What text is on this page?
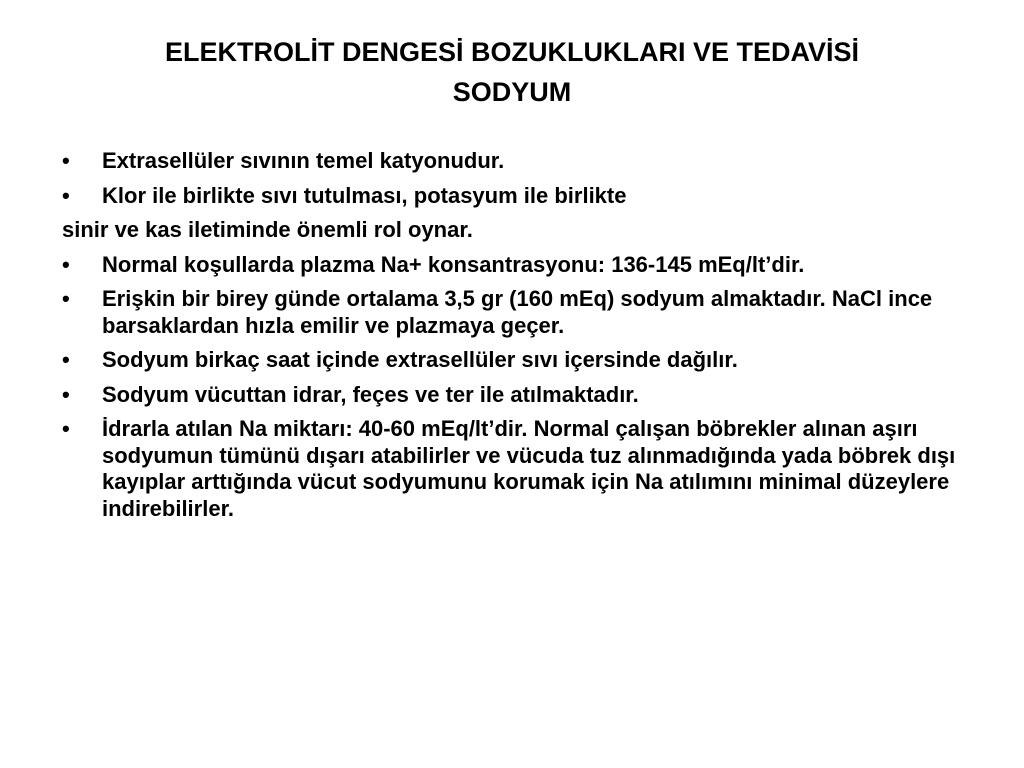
ELEKTROLİT DENGESİ BOZUKLUKLARI VE TEDAVİSİ
SODYUM
• Extrasellüler sıvının temel katyonudur.
• Klor ile birlikte sıvı tutulması, potasyum ile birlikte
sinir ve kas iletiminde önemli rol oynar.
• Normal koşullarda plazma Na+ konsantrasyonu: 136-145 mEq/lt’dir.
• Erişkin bir birey günde ortalama 3,5 gr (160 mEq) sodyum almaktadır. NaCl ince barsaklardan hızla emilir ve plazmaya geçer.
• Sodyum birkaç saat içinde extrasellüler sıvı içersinde dağılır.
• Sodyum vücuttan idrar, feçes ve ter ile atılmaktadır.
• İdrarla atılan Na miktarı: 40-60 mEq/lt’dir. Normal çalışan böbrekler alınan aşırı sodyumun tümünü dışarı atabilirler ve vücuda tuz alınmadığında yada böbrek dışı kayıplar arttığında vücut sodyumunu korumak için Na atılımını minimal düzeylere indirebilirler.
